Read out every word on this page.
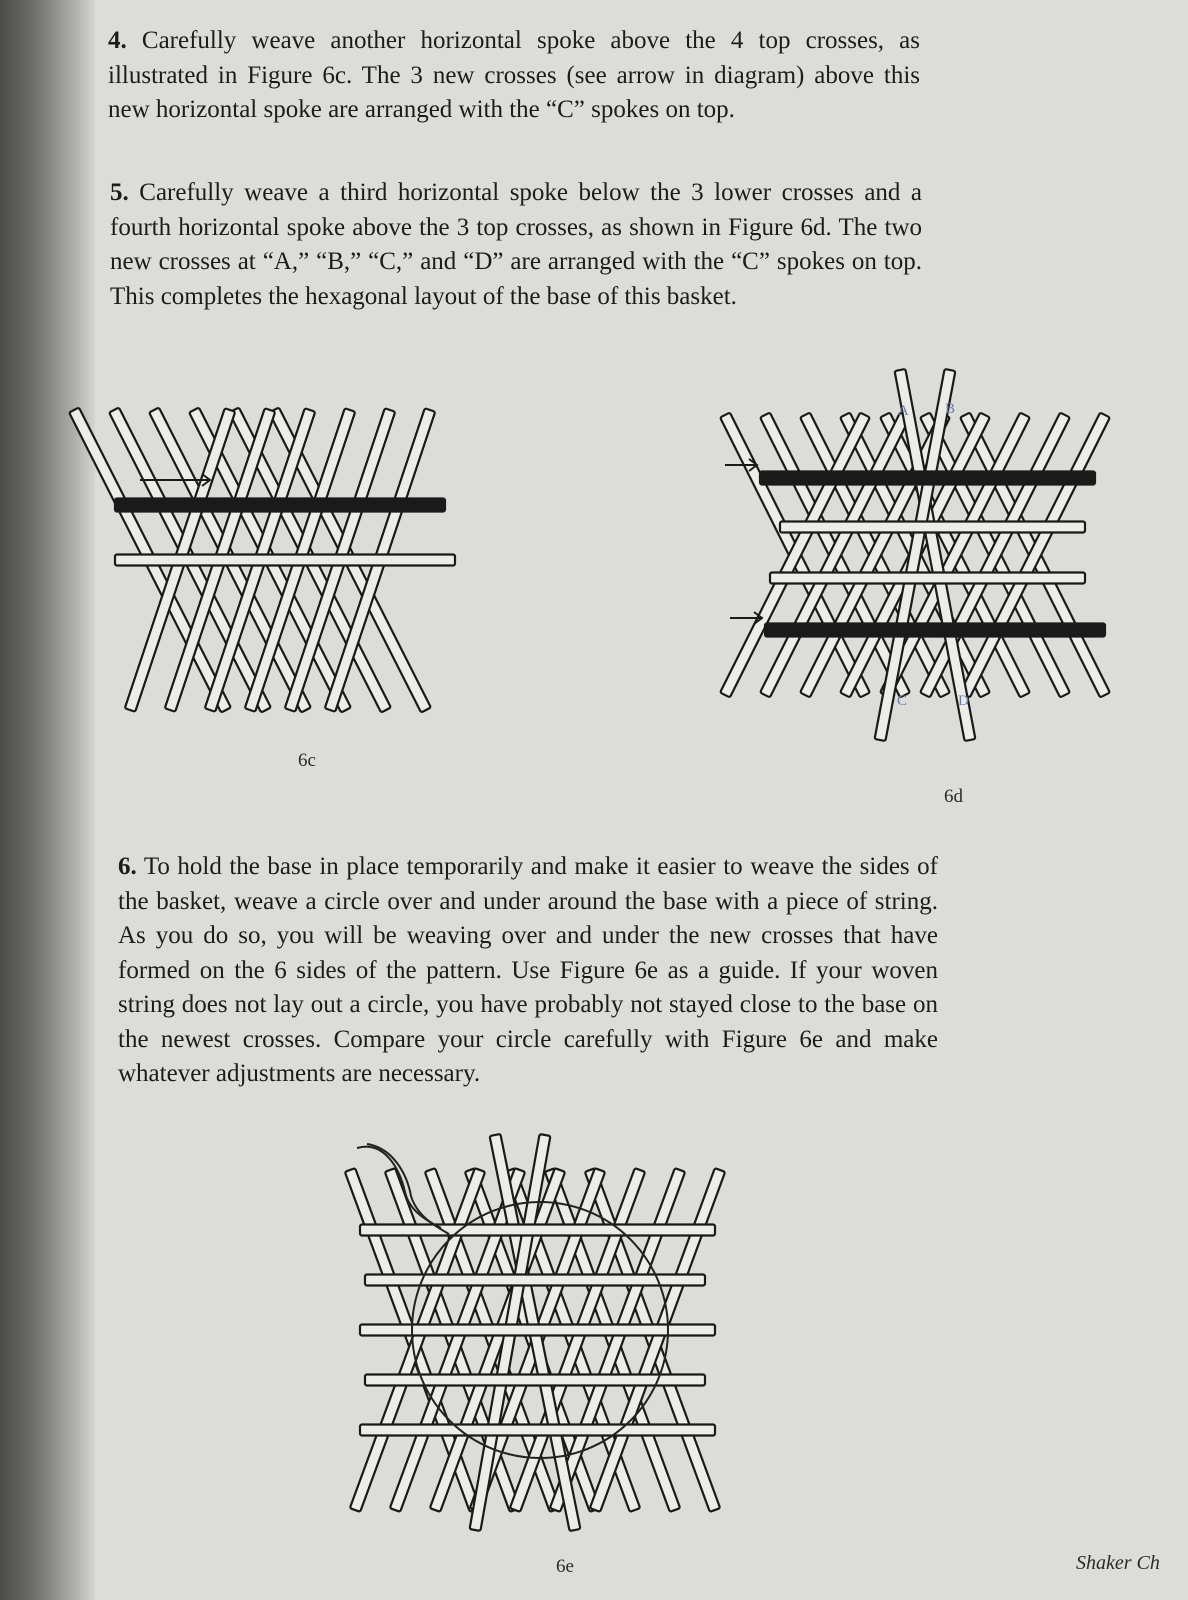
4. Carefully weave another horizontal spoke above the 4 top crosses, as illustrated in Figure 6c. The 3 new crosses (see arrow in diagram) above this new horizontal spoke are arranged with the “C” spokes on top.

5. Carefully weave a third horizontal spoke below the 3 lower crosses and a fourth horizontal spoke above the 3 top crosses, as shown in Figure 6d. The two new crosses at “A,” “B,” “C,” and “D” are arranged with the “C” spokes on top. This completes the hexagonal layout of the base of this basket.

6c
A B
C	D
6d

6. To hold the base in place temporarily and make it easier to weave the sides of the basket, weave a circle over and under around the base with a piece of string. As you do so, you will be weaving over and under the new crosses that have formed on the 6 sides of the pattern. Use Figure 6e as a guide. If your woven string does not lay out a circle, you have probably not stayed close to the base on the newest crosses. Compare your circle carefully with Figure 6e and make whatever adjustments are necessary.

6e	Shaker Ch
